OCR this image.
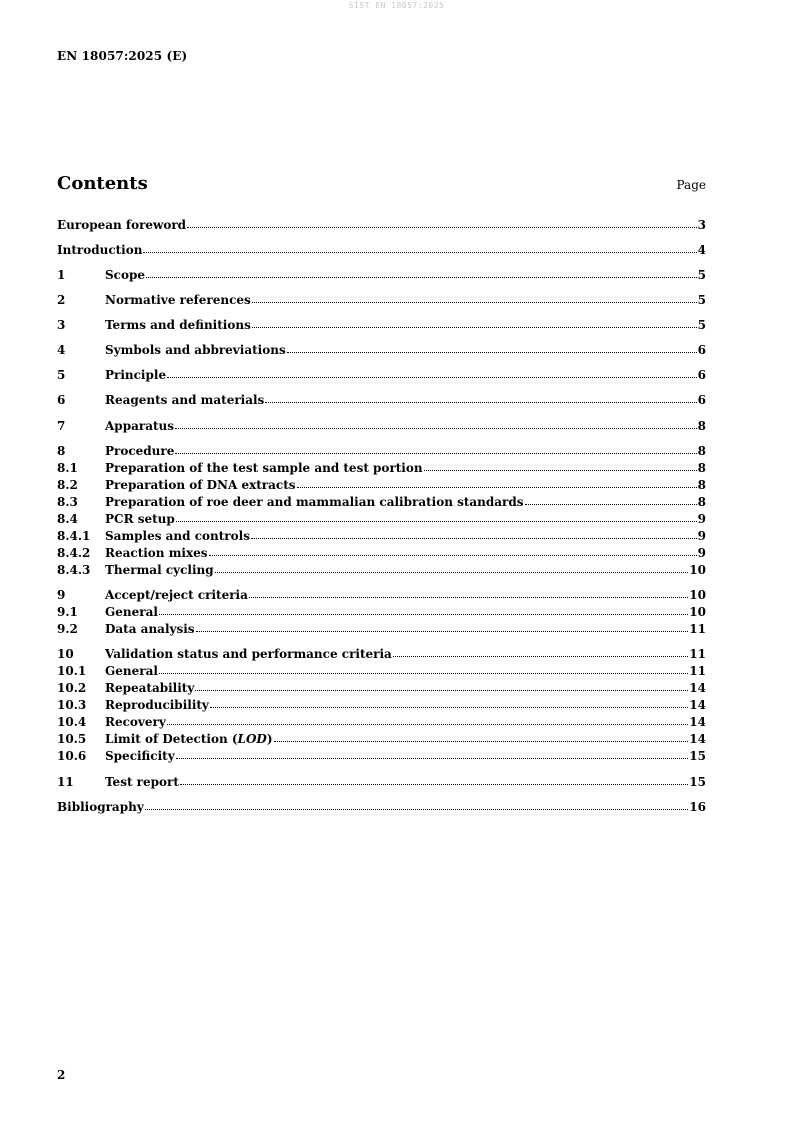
SIST EN 18057:2025
EN 18057:2025 (E)
Contents	Page
European foreword	3
Introduction	4
1	Scope	5
2	Normative references	5
3	Terms and definitions	5
4	Symbols and abbreviations	6
5	Principle	6
6	Reagents and materials	6
7	Apparatus	8
8	Procedure	8
8.1	Preparation of the test sample and test portion	8
8.2	Preparation of DNA extracts	8
8.3	Preparation of roe deer and mammalian calibration standards	8
8.4	PCR setup	9
8.4.1	Samples and controls	9
8.4.2	Reaction mixes	9
8.4.3	Thermal cycling	10
9	Accept/reject criteria	10
9.1	General	10
9.2	Data analysis	11
10	Validation status and performance criteria	11
10.1	General	11
10.2	Repeatability	14
10.3	Reproducibility	14
10.4	Recovery	14
10.5	Limit of Detection (LOD)	14
10.6	Specificity	15
11	Test report	15
Bibliography	16
2
